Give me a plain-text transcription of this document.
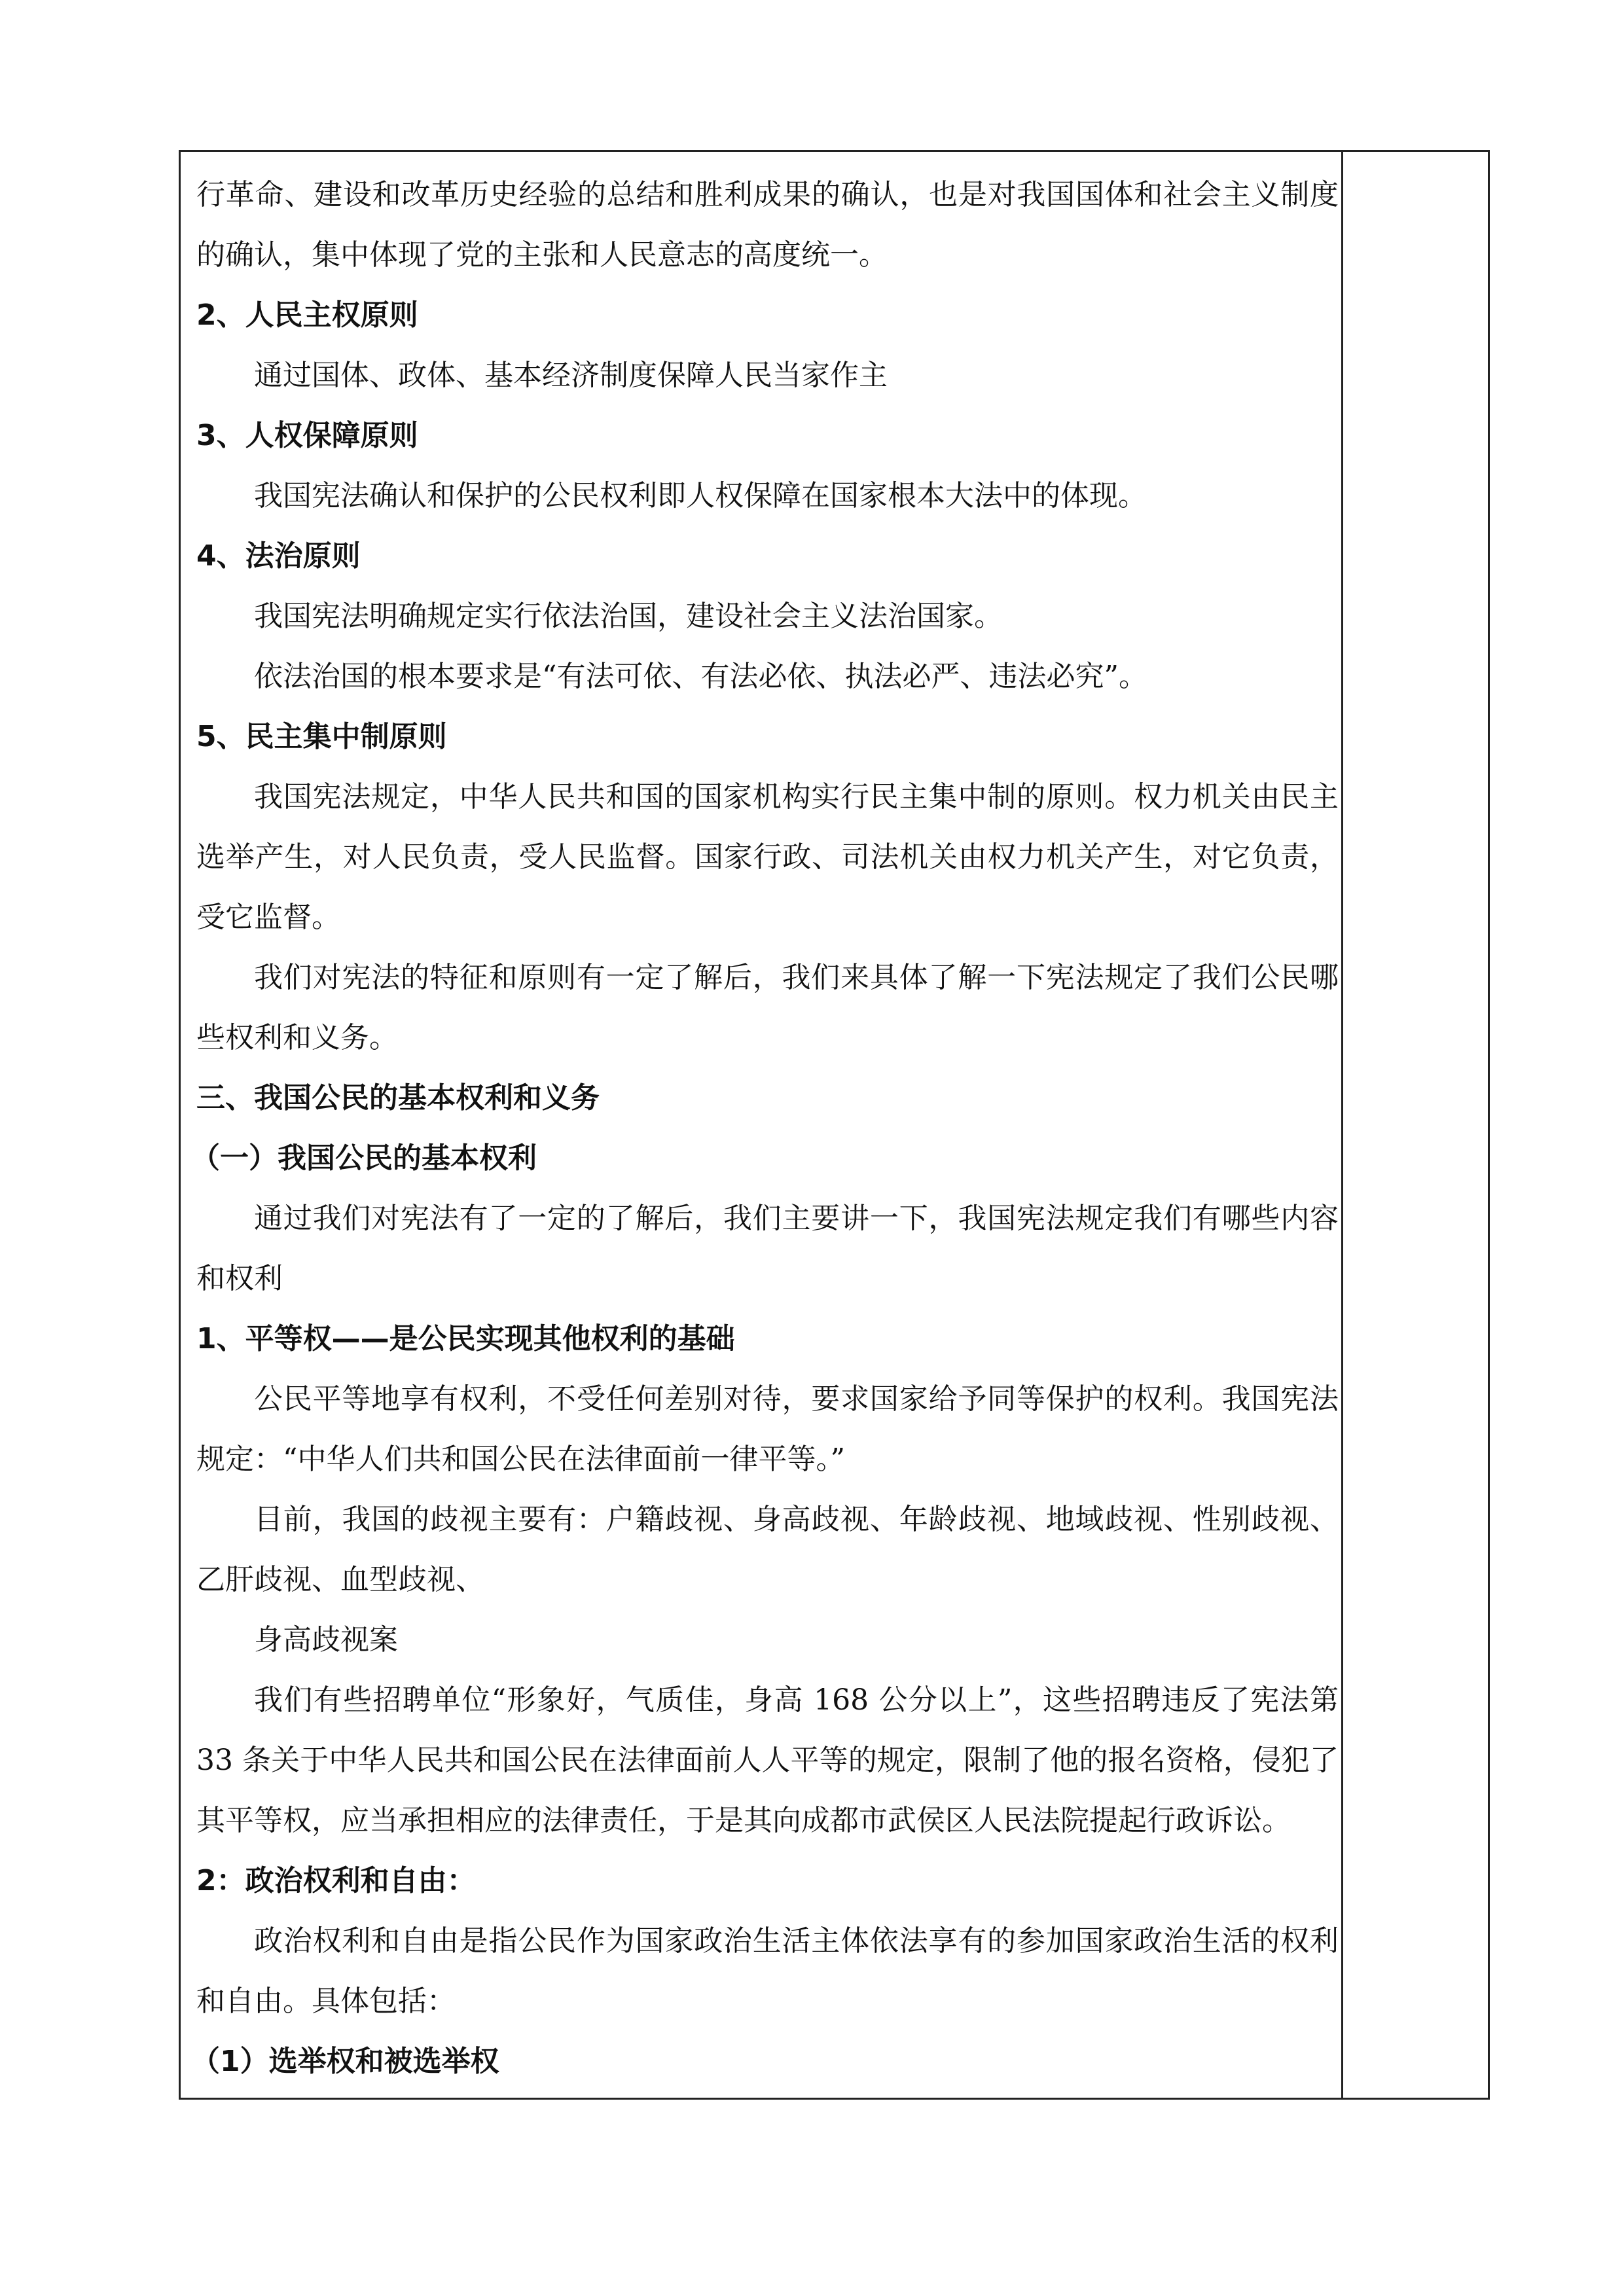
行革命、建设和改革历史经验的总结和胜利成果的确认，也是对我国国体和社会主义制度的确认，集中体现了党的主张和人民意志的高度统一。

2、人民主权原则

通过国体、政体、基本经济制度保障人民当家作主

3、人权保障原则

我国宪法确认和保护的公民权利即人权保障在国家根本大法中的体现。

4、法治原则

我国宪法明确规定实行依法治国，建设社会主义法治国家。

依法治国的根本要求是“有法可依、有法必依、执法必严、违法必究”。

5、民主集中制原则

我国宪法规定，中华人民共和国的国家机构实行民主集中制的原则。权力机关由民主选举产生，对人民负责，受人民监督。国家行政、司法机关由权力机关产生，对它负责，受它监督。

我们对宪法的特征和原则有一定了解后，我们来具体了解一下宪法规定了我们公民哪些权利和义务。

三、我国公民的基本权利和义务

（一）我国公民的基本权利

通过我们对宪法有了一定的了解后，我们主要讲一下，我国宪法规定我们有哪些内容和权利

1、平等权——是公民实现其他权利的基础

公民平等地享有权利，不受任何差别对待，要求国家给予同等保护的权利。我国宪法规定：“中华人们共和国公民在法律面前一律平等。”

目前，我国的歧视主要有：户籍歧视、身高歧视、年龄歧视、地域歧视、性别歧视、乙肝歧视、血型歧视、

身高歧视案

我们有些招聘单位“形象好，气质佳，身高 168 公分以上”，这些招聘违反了宪法第 33 条关于中华人民共和国公民在法律面前人人平等的规定，限制了他的报名资格，侵犯了其平等权，应当承担相应的法律责任，于是其向成都市武侯区人民法院提起行政诉讼。

2：政治权利和自由：

政治权利和自由是指公民作为国家政治生活主体依法享有的参加国家政治生活的权利和自由。具体包括：

（1）选举权和被选举权
